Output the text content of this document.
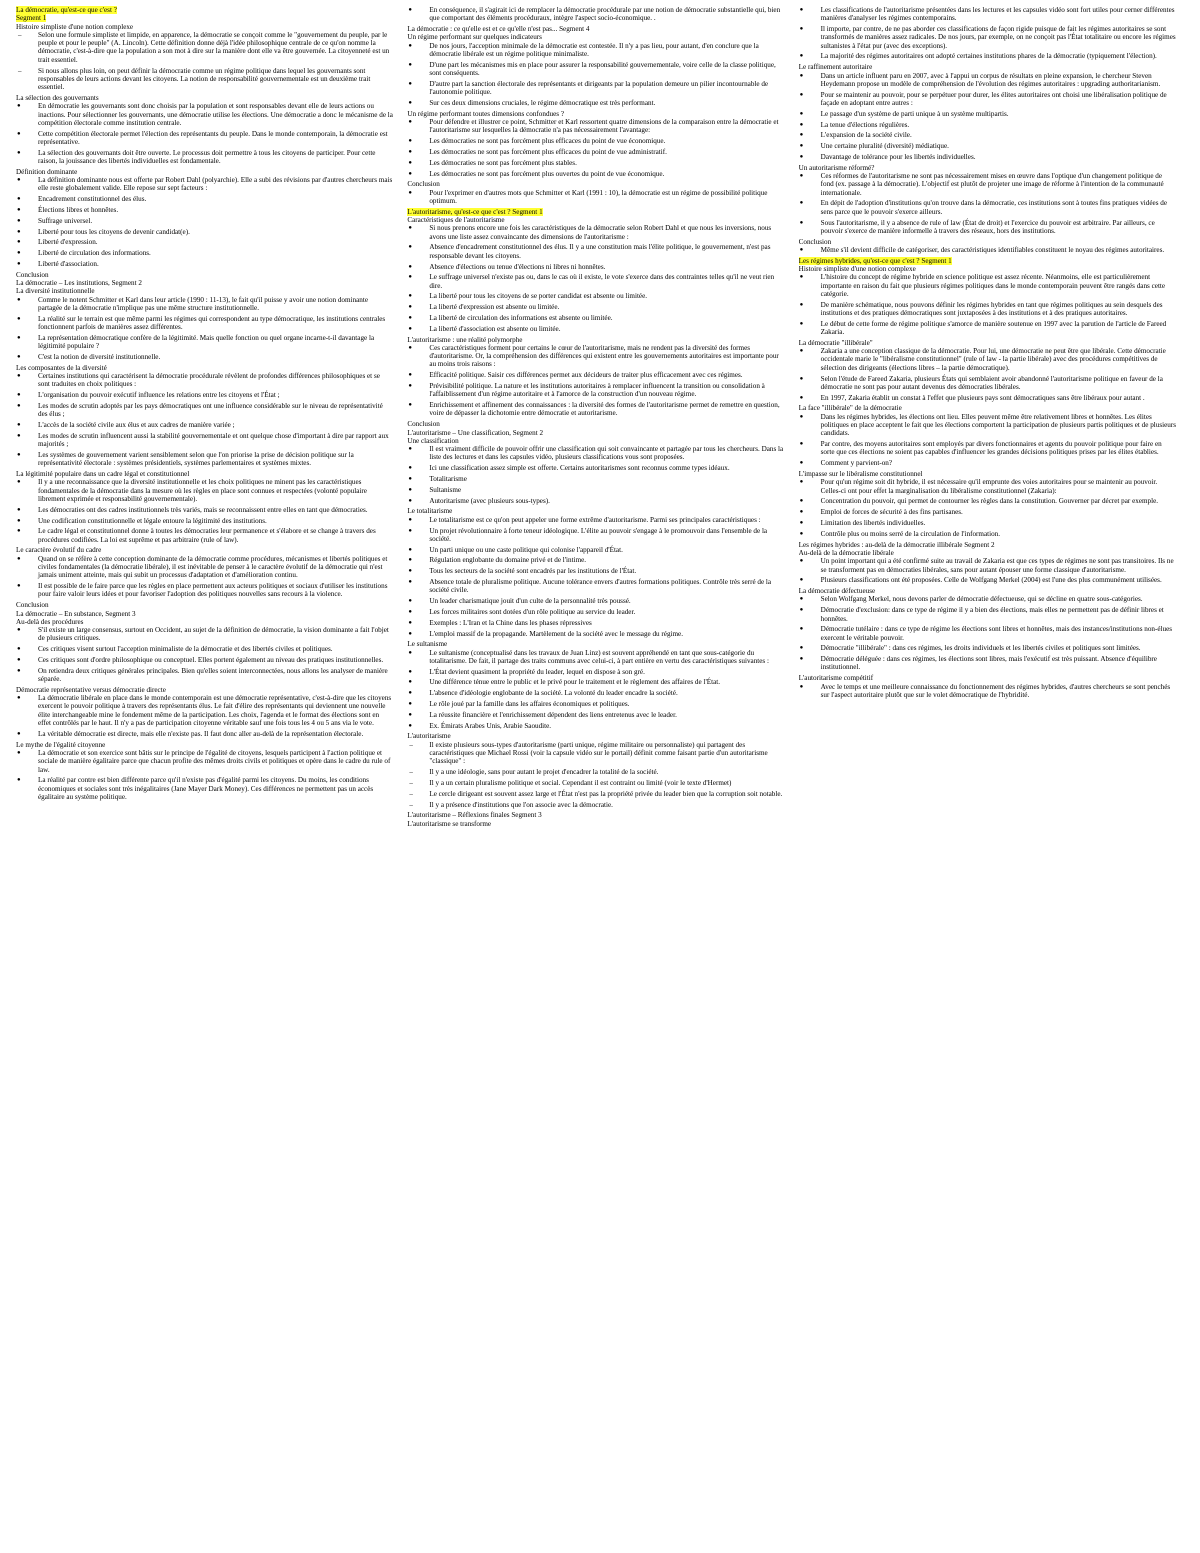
La démocratie, qu'est-ce que c'est ?
Segment 1
Histoire simpliste d'une notion complexe
– Selon une formule simpliste et limpide, en apparence, la démocratie se conçoit comme le "gouvernement du peuple, par le peuple et pour le peuple" (A. Lincoln). Cette définition donne déjà l'idée philosophique centrale de ce qu'on nomme la démocratie, c'est-à-dire que la population a son mot à dire sur la manière dont elle va être gouvernée. La citoyenneté est un trait essentiel.
– Si nous allons plus loin, on peut définir la démocratie comme un régime politique dans lequel les gouvernants sont responsables de leurs actions devant les citoyens. La notion de responsabilité gouvernementale est un deuxième trait essentiel.
La sélection des gouvernants
● En démocratie les gouvernants sont donc choisis par la population et sont responsables devant elle de leurs actions ou inactions. Pour sélectionner les gouvernants, une démocratie utilise les élections. Une démocratie a donc le mécanisme de la compétition électorale comme institution centrale.
● Cette compétition électorale permet l'élection des représentants du peuple. Dans le monde contemporain, la démocratie est représentative.
● La sélection des gouvernants doit être ouverte. Le processus doit permettre à tous les citoyens de participer. Pour cette raison, la jouissance des libertés individuelles est fondamentale.
Définition dominante
● La définition dominante nous est offerte par Robert Dahl (polyarchie). Elle a subi des révisions par d'autres chercheurs mais elle reste globalement valide. Elle repose sur sept facteurs :
● Encadrement constitutionnel des élus.
● Élections libres et honnêtes.
● Suffrage universel.
● Liberté pour tous les citoyens de devenir candidat(e).
● Liberté d'expression.
● Liberté de circulation des informations.
● Liberté d'association.
Conclusion
La démocratie – Les institutions, Segment 2
La diversité institutionnelle
● Comme le notent Schmitter et Karl dans leur article (1990 : 11-13), le fait qu'il puisse y avoir une notion dominante partagée de la démocratie n'implique pas une même structure institutionnelle.
● La réalité sur le terrain est que même parmi les régimes qui correspondent au type démocratique, les institutions centrales fonctionnent parfois de manières assez différentes.
● La représentation démocratique confère de la légitimité. Mais quelle fonction ou quel organe incarne-t-il davantage la légitimité populaire ?
● C'est la notion de diversité institutionnelle.
Les composantes de la diversité
● Certaines institutions qui caractérisent la démocratie procédurale révèlent de profondes différences philosophiques et se sont traduites en choix politiques :
● L'organisation du pouvoir exécutif influence les relations entre les citoyens et l'État ;
● Les modes de scrutin adoptés par les pays démocratiques ont une influence considérable sur le niveau de représentativité des élus ;
● L'accès de la société civile aux élus et aux cadres de manière variée ;
● Les modes de scrutin influencent aussi la stabilité gouvernementale et ont quelque chose d'important à dire par rapport aux majorités ;
● Les systèmes de gouvernement varient sensiblement selon que l'on priorise la prise de décision politique sur la représentativité électorale : systèmes présidentiels, systèmes parlementaires et systèmes mixtes.
La légitimité populaire dans un cadre légal et constitutionnel
● Il y a une reconnaissance que la diversité institutionnelle et les choix politiques ne minent pas les caractéristiques fondamentales de la démocratie dans la mesure où les règles en place sont connues et respectées (volonté populaire librement exprimée et responsabilité gouvernementale).
● Les démocraties ont des cadres institutionnels très variés, mais se reconnaissent entre elles en tant que démocraties.
● Une codification constitutionnelle et légale entoure la légitimité des institutions.
● Le cadre légal et constitutionnel donne à toutes les démocraties leur permanence et s'élabore et se change à travers des procédures codifiées. La loi est suprême et pas arbitraire (rule of law).
Le caractère évolutif du cadre
● Quand on se réfère à cette conception dominante de la démocratie comme procédures, mécanismes et libertés politiques et civiles fondamentales (la démocratie libérale), il est inévitable de penser à le caractère évolutif de la démocratie qui n'est jamais uniment atteinte, mais qui subit un processus d'adaptation et d'amélioration continu.
● Il est possible de le faire parce que les règles en place permettent aux acteurs politiques et sociaux d'utiliser les institutions pour faire valoir leurs idées et pour favoriser l'adoption des politiques nouvelles sans recours à la violence.
Conclusion
La démocratie – En substance, Segment 3
Au-delà des procédures
● S'il existe un large consensus, surtout en Occident, au sujet de la définition de démocratie, la vision dominante a fait l'objet de plusieurs critiques.
● Ces critiques visent surtout l'acception minimaliste de la démocratie et des libertés civiles et politiques.
● Ces critiques sont d'ordre philosophique ou conceptuel. Elles portent également au niveau des pratiques institutionnelles.
● On retiendra deux critiques générales principales. Bien qu'elles soient interconnectées, nous allons les analyser de manière séparée.
Démocratie représentative versus démocratie directe
● La démocratie libérale en place dans le monde contemporain est une démocratie représentative, c'est-à-dire que les citoyens exercent le pouvoir politique à travers des représentants élus. Le fait d'élire des représentants qui deviennent une nouvelle élite interchangeable mine le fondement même de la participation. Les choix, l'agenda et le format des élections sont en effet contrôlés par le haut. Il n'y a pas de participation citoyenne véritable sauf une fois tous les 4 ou 5 ans via le vote.
● La véritable démocratie est directe, mais elle n'existe pas. Il faut donc aller au-delà de la représentation électorale.
Le mythe de l'égalité citoyenne
● La démocratie et son exercice sont bâtis sur le principe de l'égalité de citoyens, lesquels participent à l'action politique et sociale de manière égalitaire parce que chacun profite des mêmes droits civils et politiques et opère dans le cadre du rule of law.
● La réalité par contre est bien différente parce qu'il n'existe pas d'égalité parmi les citoyens. Du moins, les conditions économiques et sociales sont très inégalitaires (Jane Mayer Dark Money). Ces différences ne permettent pas un accès égalitaire au système politique.
● En conséquence, il s'agirait ici de remplacer la démocratie procédurale par une notion de démocratie substantielle qui, bien que comportant des éléments procéduraux, intègre l'aspect socio-économique. .
La démocratie : ce qu'elle est et ce qu'elle n'est pas... Segment 4
Un régime performant sur quelques indicateurs
● De nos jours, l'acception minimale de la démocratie est contestée. Il n'y a pas lieu, pour autant, d'en conclure que la démocratie libérale est un régime politique minimaliste.
● D'une part les mécanismes mis en place pour assurer la responsabilité gouvernementale, voire celle de la classe politique, sont conséquents.
● D'autre part la sanction électorale des représentants et dirigeants par la population demeure un pilier incontournable de l'autonomie politique.
● Sur ces deux dimensions cruciales, le régime démocratique est très performant.
Un régime performant toutes dimensions confondues ?
● Pour défendre et illustrer ce point, Schmitter et Karl ressortent quatre dimensions de la comparaison entre la démocratie et l'autoritarisme sur lesquelles la démocratie n'a pas nécessairement l'avantage:
● Les démocraties ne sont pas forcément plus efficaces du point de vue économique.
● Les démocraties ne sont pas forcément plus efficaces du point de vue administratif.
● Les démocraties ne sont pas forcément plus stables.
● Les démocraties ne sont pas forcément plus ouvertes du point de vue économique.
Conclusion
● Pour l'exprimer en d'autres mots que Schmitter et Karl (1991 : 10), la démocratie est un régime de possibilité politique optimum.
L'autoritarisme, qu'est-ce que c'est ? Segment 1
Caractéristiques de l'autoritarisme
● Si nous prenons encore une fois les caractéristiques de la démocratie selon Robert Dahl et que nous les inversions, nous avons une liste assez convaincante des dimensions de l'autoritarisme :
● Absence d'encadrement constitutionnel des élus. Il y a une constitution mais l'élite politique, le gouvernement, n'est pas responsable devant les citoyens.
● Absence d'élections ou tenue d'élections ni libres ni honnêtes.
● Le suffrage universel n'existe pas ou, dans le cas où il existe, le vote s'exerce dans des contraintes telles qu'il ne veut rien dire.
● La liberté pour tous les citoyens de se porter candidat est absente ou limitée.
● La liberté d'expression est absente ou limitée.
● La liberté de circulation des informations est absente ou limitée.
● La liberté d'association est absente ou limitée.
L'autoritarisme : une réalité polymorphe
● Ces caractéristiques forment pour certains le cœur de l'autoritarisme, mais ne rendent pas la diversité des formes d'autoritarisme. Or, la compréhension des différences qui existent entre les gouvernements autoritaires est importante pour au moins trois raisons :
● Efficacité politique. Saisir ces différences permet aux décideurs de traiter plus efficacement avec ces régimes.
● Prévisibilité politique. La nature et les institutions autoritaires à remplacer influencent la transition ou consolidation à l'affaiblissement d'un régime autoritaire et à l'amorce de la construction d'un nouveau régime.
● Enrichissement et affinement des connaissances : la diversité des formes de l'autoritarisme permet de remettre en question, voire de dépasser la dichotomie entre démocratie et autoritarisme.
Conclusion
L'autoritarisme – Une classification, Segment 2
Une classification
● Il est vraiment difficile de pouvoir offrir une classification qui soit convaincante et partagée par tous les chercheurs. Dans la liste des lectures et dans les capsules vidéo, plusieurs classifications vous sont proposées.
● Ici une classification assez simple est offerte. Certains autoritarismes sont reconnus comme types idéaux.
● Totalitarisme
● Sultanisme
● Autoritarisme (avec plusieurs sous-types).
Le totalitarisme
● Le totalitarisme est ce qu'on peut appeler une forme extrême d'autoritarisme. Parmi ses principales caractéristiques :
● Un projet révolutionnaire à forte teneur idéologique. L'élite au pouvoir s'engage à le promouvoir dans l'ensemble de la société.
● Un parti unique ou une caste politique qui colonise l'appareil d'État.
● Régulation englobante du domaine privé et de l'intime.
● Tous les secteurs de la société sont encadrés par les institutions de l'État.
● Absence totale de pluralisme politique. Aucune tolérance envers d'autres formations politiques. Contrôle très serré de la société civile.
● Un leader charismatique jouit d'un culte de la personnalité très poussé.
● Les forces militaires sont dotées d'un rôle politique au service du leader.
● Exemples : L'Iran et la Chine dans les phases répressives
● L'emploi massif de la propagande. Martèlement de la société avec le message du régime.
Le sultanisme
● Le sultanisme (conceptualisé dans les travaux de Juan Linz) est souvent appréhendé en tant que sous-catégorie du totalitarisme. De fait, il partage des traits communs avec celui-ci, à part entière en vertu des caractéristiques suivantes :
● L'État devient quasiment la propriété du leader, lequel en dispose à son gré.
● Une différence ténue entre le public et le privé pour le traitement et le règlement des affaires de l'État.
● L'absence d'idéologie englobante de la société. La volonté du leader encadre la société.
● Le rôle joué par la famille dans les affaires économiques et politiques.
● La réussite financière et l'enrichissement dépendent des liens entretenus avec le leader.
● Ex. Émirats Arabes Unis, Arabie Saoudite.
L'autoritarisme
– Il existe plusieurs sous-types d'autoritarisme (parti unique, régime militaire ou personnaliste) qui partagent des caractéristiques que Michael Rossi (voir la capsule vidéo sur le portail) définit comme faisant partie d'un autoritarisme "classique" :
– Il y a une idéologie, sans pour autant le projet d'encadrer la totalité de la société.
– Il y a un certain pluralisme politique et social. Cependant il est contraint ou limité (voir le texte d'Hermet)
– Le cercle dirigeant est souvent assez large et l'État n'est pas la propriété privée du leader bien que la corruption soit notable.
– Il y a présence d'institutions que l'on associe avec la démocratie.
L'autoritarisme – Réflexions finales Segment 3
L'autoritarisme se transforme
● Les classifications de l'autoritarisme présentées dans les lectures et les capsules vidéo sont fort utiles pour cerner différentes manières d'analyser les régimes contemporains.
● Il importe, par contre, de ne pas aborder ces classifications de façon rigide puisque de fait les régimes autoritaires se sont transformés de manières assez radicales. De nos jours, par exemple, on ne conçoit pas l'État totalitaire ou encore les régimes sultanistes à l'état pur (avec des exceptions).
● La majorité des régimes autoritaires ont adopté certaines institutions phares de la démocratie (typiquement l'élection).
Le raffinement autoritaire
● Dans un article influent paru en 2007, avec à l'appui un corpus de résultats en pleine expansion, le chercheur Steven Heydemann propose un modèle de compréhension de l'évolution des régimes autoritaires : upgrading authoritarianism.
● Pour se maintenir au pouvoir, pour se perpétuer pour durer, les élites autoritaires ont choisi une libéralisation politique de façade en adoptant entre autres :
● Le passage d'un système de parti unique à un système multipartis.
● La tenue d'élections régulières.
● L'expansion de la société civile.
● Une certaine pluralité (diversité) médiatique.
● Davantage de tolérance pour les libertés individuelles.
Un autoritarisme réformé?
● Ces réformes de l'autoritarisme ne sont pas nécessairement mises en œuvre dans l'optique d'un changement politique de fond (ex. passage à la démocratie). L'objectif est plutôt de projeter une image de réforme à l'intention de la communauté internationale.
● En dépit de l'adoption d'institutions qu'on trouve dans la démocratie, ces institutions sont à toutes fins pratiques vidées de sens parce que le pouvoir s'exerce ailleurs.
● Sous l'autoritarisme, il y a absence de rule of law (État de droit) et l'exercice du pouvoir est arbitraire. Par ailleurs, ce pouvoir s'exerce de manière informelle à travers des réseaux, hors des institutions.
Conclusion
● Même s'il devient difficile de catégoriser, des caractéristiques identifiables constituent le noyau des régimes autoritaires.
Les régimes hybrides, qu'est-ce que c'est ? Segment 1
Histoire simpliste d'une notion complexe
● L'histoire du concept de régime hybride en science politique est assez récente. Néanmoins, elle est particulièrement importante en raison du fait que plusieurs régimes politiques dans le monde contemporain peuvent être rangés dans cette catégorie.
● De manière schématique, nous pouvons définir les régimes hybrides en tant que régimes politiques au sein desquels des institutions et des pratiques démocratiques sont juxtaposées à des institutions et à des pratiques autoritaires.
● Le début de cette forme de régime politique s'amorce de manière soutenue en 1997 avec la parution de l'article de Fareed Zakaria.
La démocratie "illibérale"
● Zakaria a une conception classique de la démocratie. Pour lui, une démocratie ne peut être que libérale. Cette démocratie occidentale marie le "libéralisme constitutionnel" (rule of law - la partie libérale) avec des procédures compétitives de sélection des dirigeants (élections libres – la partie démocratique).
● Selon l'étude de Fareed Zakaria, plusieurs États qui semblaient avoir abandonné l'autoritarisme politique en faveur de la démocratie ne sont pas pour autant devenus des démocraties libérales.
● En 1997, Zakaria établit un constat à l'effet que plusieurs pays sont démocratiques sans être libéraux pour autant .
La face "illibérale" de la démocratie
● Dans les régimes hybrides, les élections ont lieu. Elles peuvent même être relativement libres et honnêtes. Les élites politiques en place acceptent le fait que les élections comportent la participation de plusieurs partis politiques et de plusieurs candidats.
● Par contre, des moyens autoritaires sont employés par divers fonctionnaires et agents du pouvoir politique pour faire en sorte que ces élections ne soient pas capables d'influencer les grandes décisions politiques prises par les élites établies.
● Comment y parvient-on?
L'impasse sur le libéralisme constitutionnel
● Pour qu'un régime soit dit hybride, il est nécessaire qu'il emprunte des voies autoritaires pour se maintenir au pouvoir. Celles-ci ont pour effet la marginalisation du libéralisme constitutionnel (Zakaria):
● Concentration du pouvoir, qui permet de contourner les règles dans la constitution. Gouverner par décret par exemple.
● Emploi de forces de sécurité à des fins partisanes.
● Limitation des libertés individuelles.
● Contrôle plus ou moins serré de la circulation de l'information.
Les régimes hybrides : au-delà de la démocratie illibérale Segment 2
Au-delà de la démocratie libérale
● Un point important qui a été confirmé suite au travail de Zakaria est que ces types de régimes ne sont pas transitoires. Ils ne se transforment pas en démocraties libérales, sans pour autant épouser une forme classique d'autoritarisme.
● Plusieurs classifications ont été proposées. Celle de Wolfgang Merkel (2004) est l'une des plus communément utilisées.
La démocratie défectueuse
● Selon Wolfgang Merkel, nous devons parler de démocratie défectueuse, qui se décline en quatre sous-catégories.
● Démocratie d'exclusion: dans ce type de régime il y a bien des élections, mais elles ne permettent pas de définir libres et honnêtes.
● Démocratie tutélaire : dans ce type de régime les élections sont libres et honnêtes, mais des instances/institutions non-élues exercent le véritable pouvoir.
● Démocratie "illibérale" : dans ces régimes, les droits individuels et les libertés civiles et politiques sont limitées.
● Démocratie déléguée : dans ces régimes, les élections sont libres, mais l'exécutif est très puissant. Absence d'équilibre institutionnel.
L'autoritarisme compétitif
● Avec le temps et une meilleure connaissance du fonctionnement des régimes hybrides, d'autres chercheurs se sont penchés sur l'aspect autoritaire plutôt que sur le volet démocratique de l'hybridité.
